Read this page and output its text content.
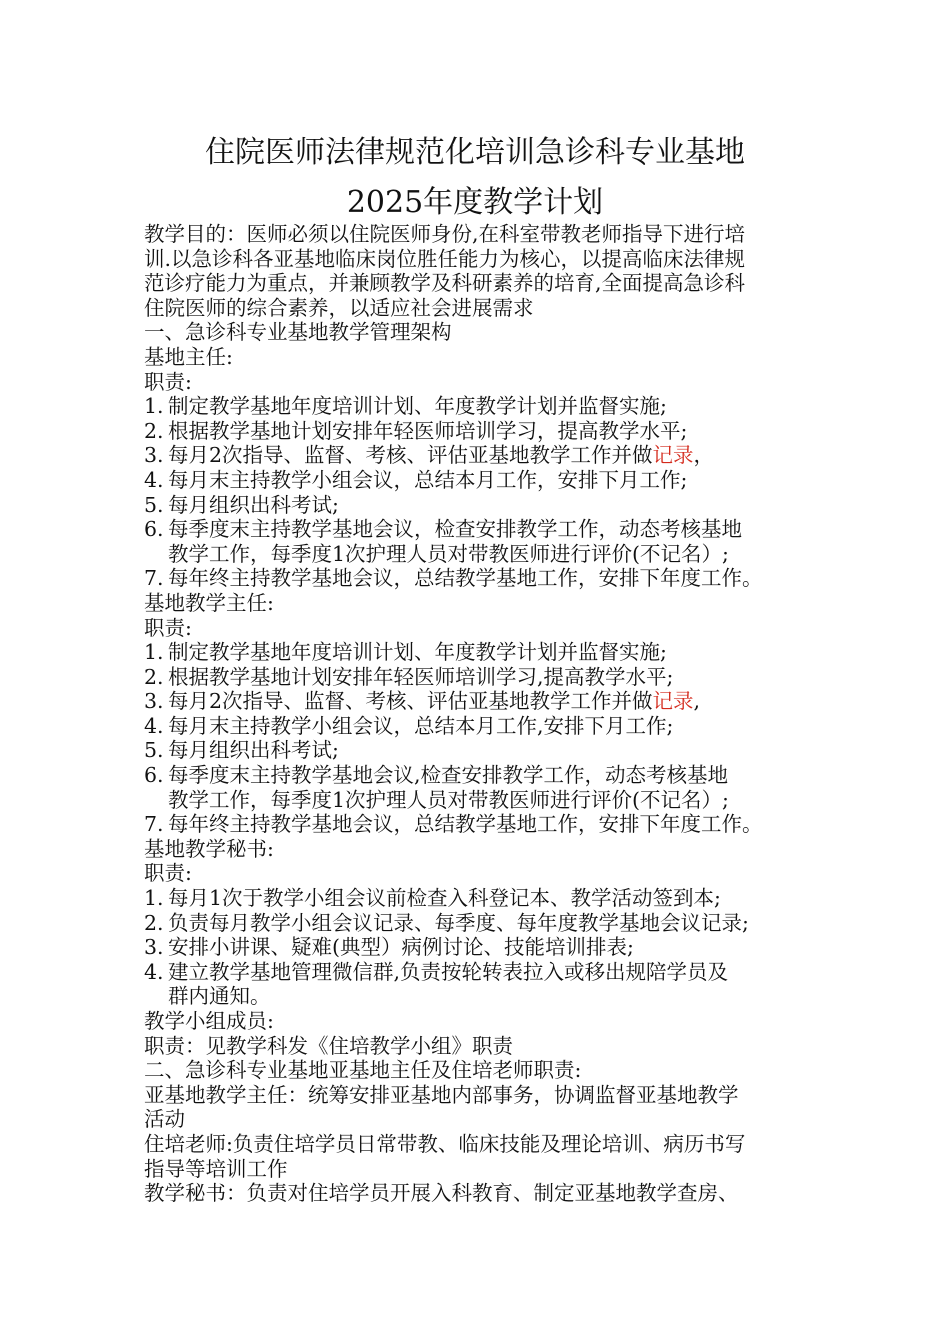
住院医师法律规范化培训急诊科专业基地
2025年度教学计划

教学目的：医师必须以住院医师身份,在科室带教老师指导下进行培

训.以急诊科各亚基地临床岗位胜任能力为核心，以提高临床法律规

范诊疗能力为重点，并兼顾教学及科研素养的培育,全面提高急诊科

住院医师的综合素养，以适应社会进展需求

一、急诊科专业基地教学管理架构

基地主任:

职责:

1. 制定教学基地年度培训计划、年度教学计划并监督实施;
2. 根据教学基地计划安排年轻医师培训学习，提高教学水平;
3. 每月2次指导、监督、考核、评估亚基地教学工作并做记录，
4. 每月末主持教学小组会议，总结本月工作，安排下月工作;
5. 每月组织出科考试;
6. 每季度末主持教学基地会议，检查安排教学工作，动态考核基地
教学工作，每季度1次护理人员对带教医师进行评价(不记名）;
7. 每年终主持教学基地会议，总结教学基地工作，安排下年度工作。

基地教学主任:

职责:

1. 制定教学基地年度培训计划、年度教学计划并监督实施;
2. 根据教学基地计划安排年轻医师培训学习,提高教学水平;
3. 每月2次指导、监督、考核、评估亚基地教学工作并做记录,
4. 每月末主持教学小组会议，总结本月工作,安排下月工作;
5. 每月组织出科考试;
6. 每季度末主持教学基地会议,检查安排教学工作，动态考核基地
教学工作，每季度1次护理人员对带教医师进行评价(不记名）;
7. 每年终主持教学基地会议，总结教学基地工作，安排下年度工作。

基地教学秘书:

职责:

1. 每月1次于教学小组会议前检查入科登记本、教学活动签到本;
2. 负责每月教学小组会议记录、每季度、每年度教学基地会议记录;
3. 安排小讲课、疑难(典型）病例讨论、技能培训排表;
4. 建立教学基地管理微信群,负责按轮转表拉入或移出规陪学员及
群内通知。

教学小组成员:

职责：见教学科发《住培教学小组》职责

二、急诊科专业基地亚基地主任及住培老师职责:

亚基地教学主任：统筹安排亚基地内部事务，协调监督亚基地教学

活动

住培老师:负责住培学员日常带教、临床技能及理论培训、病历书写

指导等培训工作

教学秘书：负责对住培学员开展入科教育、制定亚基地教学查房、
